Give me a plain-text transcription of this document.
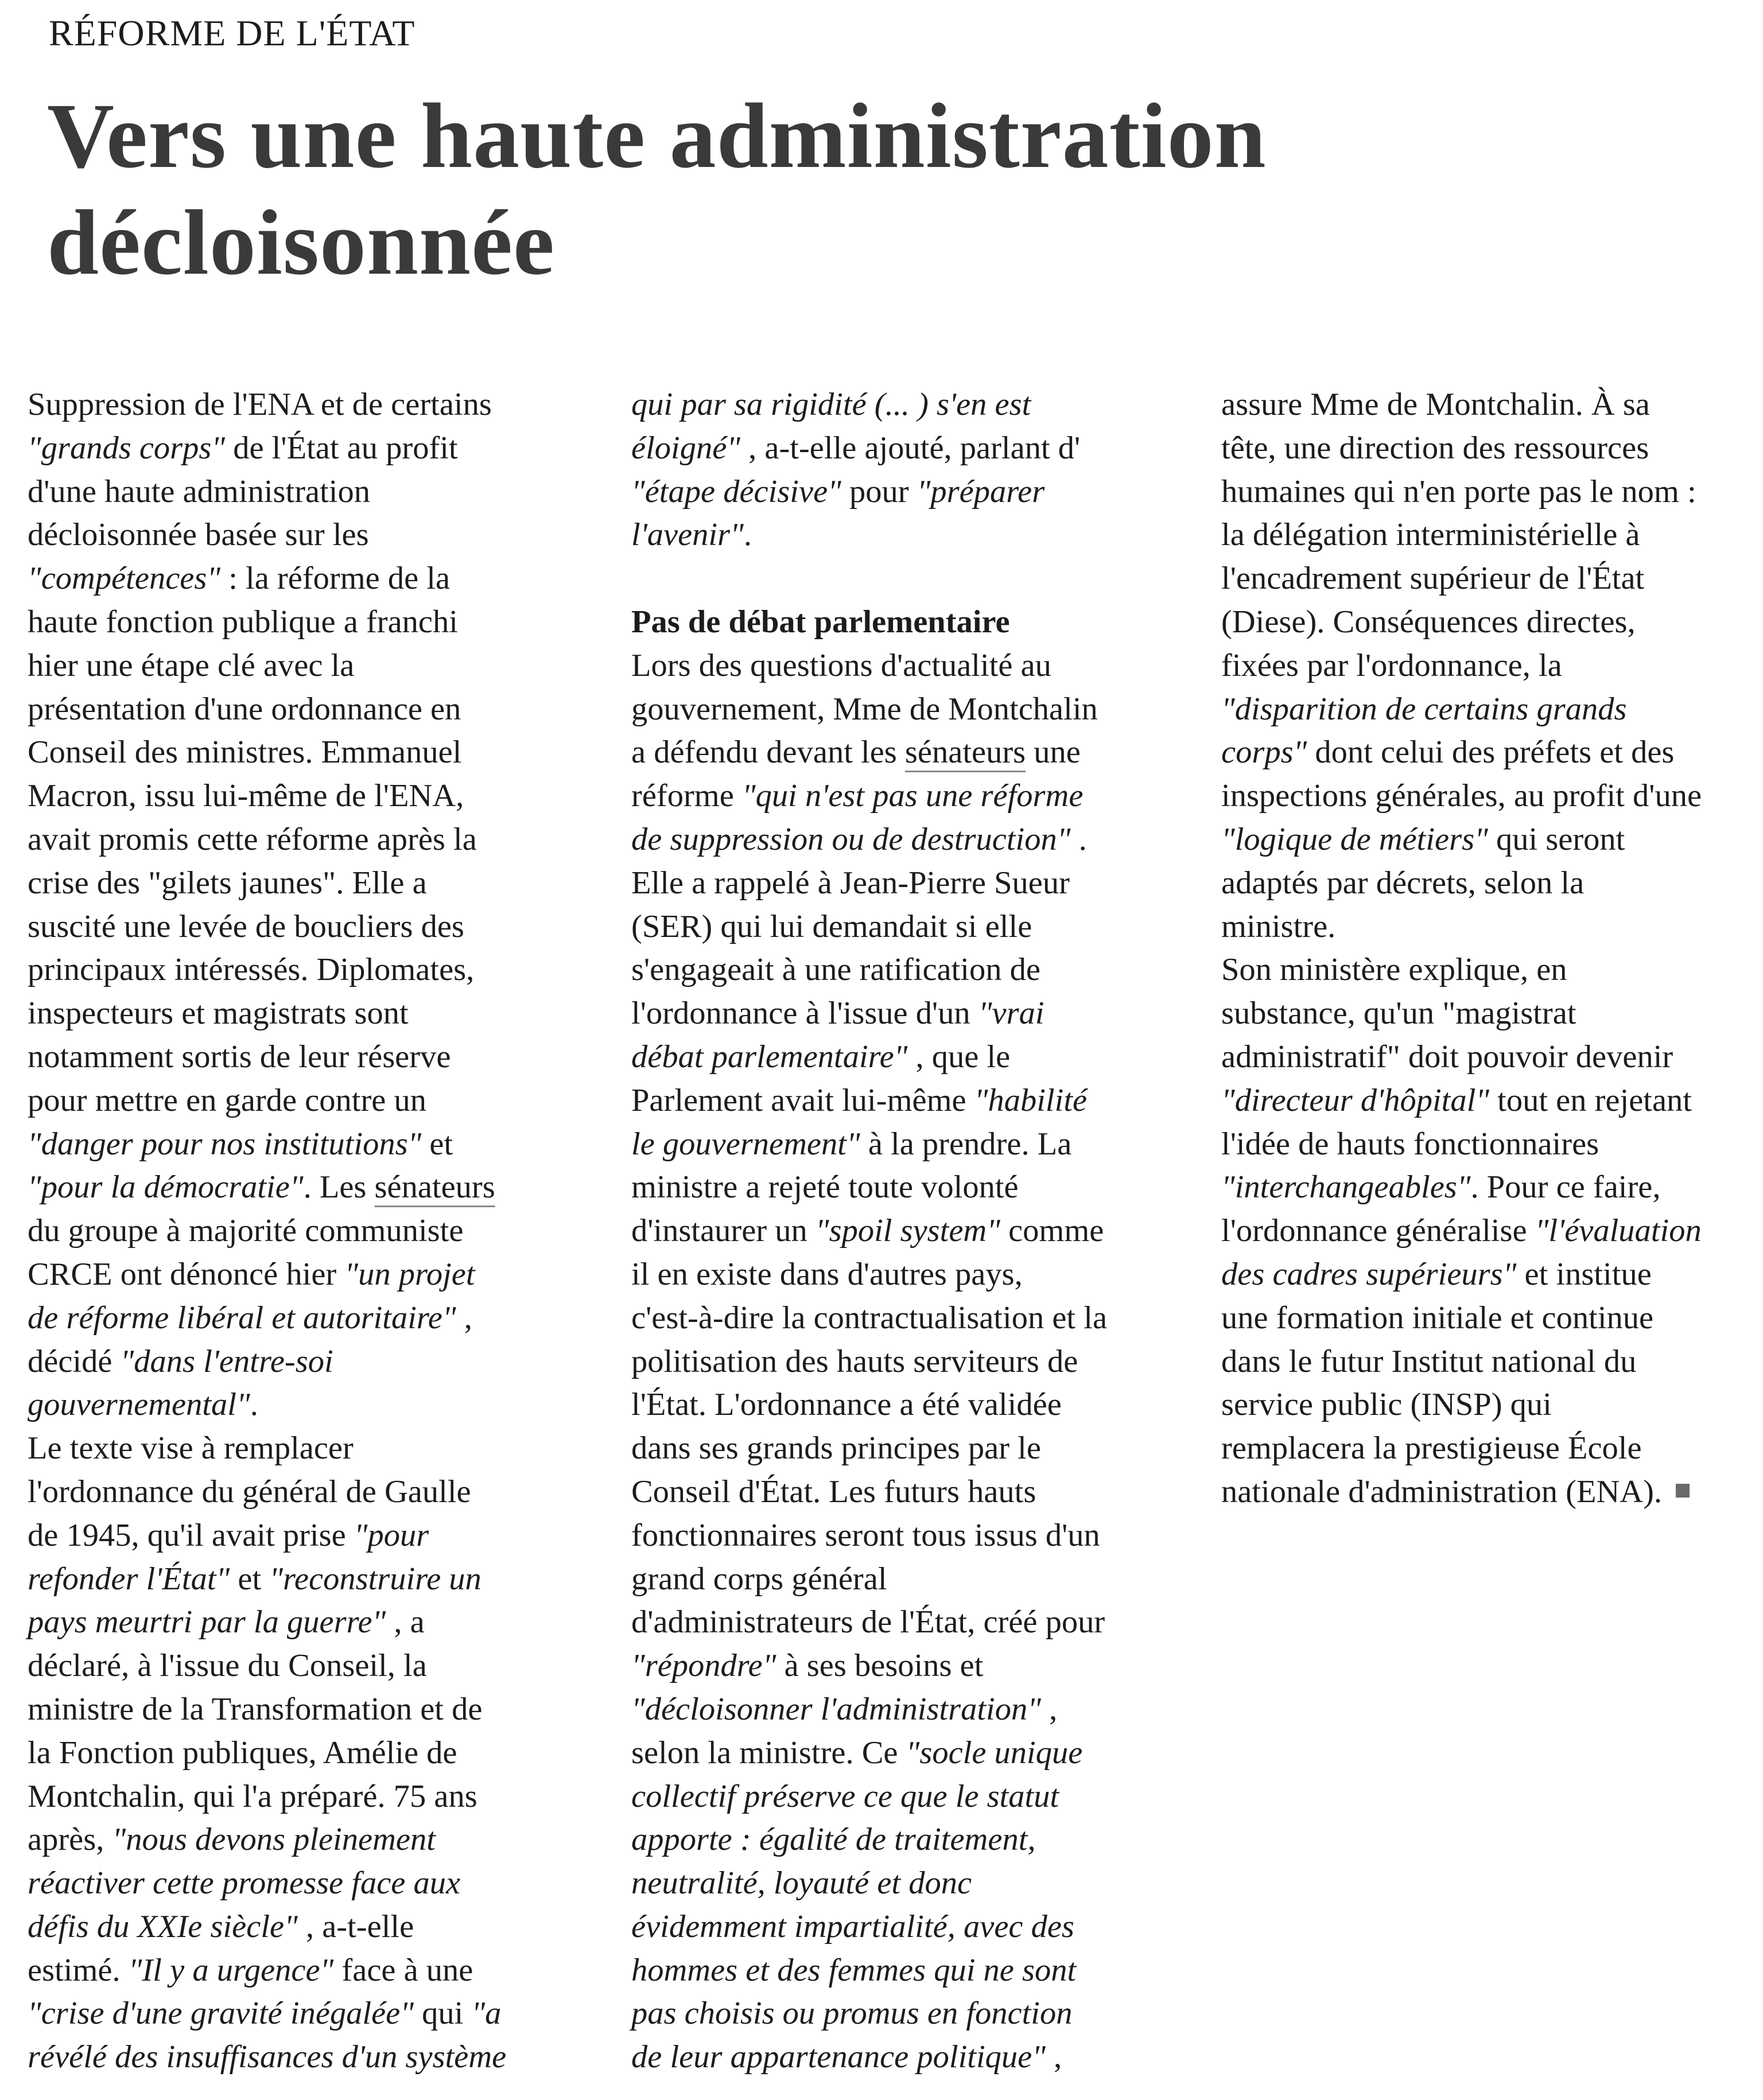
RÉFORME DE L'ÉTAT
Vers une haute administration
décloisonnée
Suppression de l'ENA et de certains
"grands corps" de l'État au profit
d'une haute administration
décloisonnée basée sur les
"compétences" : la réforme de la
haute fonction publique a franchi
hier une étape clé avec la
présentation d'une ordonnance en
Conseil des ministres. Emmanuel
Macron, issu lui-même de l'ENA,
avait promis cette réforme après la
crise des "gilets jaunes". Elle a
suscité une levée de boucliers des
principaux intéressés. Diplomates,
inspecteurs et magistrats sont
notamment sortis de leur réserve
pour mettre en garde contre un
"danger pour nos institutions" et
"pour la démocratie". Les sénateurs
du groupe à majorité communiste
CRCE ont dénoncé hier "un projet
de réforme libéral et autoritaire" ,
décidé "dans l'entre-soi
gouvernemental".
Le texte vise à remplacer
l'ordonnance du général de Gaulle
de 1945, qu'il avait prise "pour
refonder l'État" et "reconstruire un
pays meurtri par la guerre" , a
déclaré, à l'issue du Conseil, la
ministre de la Transformation et de
la Fonction publiques, Amélie de
Montchalin, qui l'a préparé. 75 ans
après, "nous devons pleinement
réactiver cette promesse face aux
défis du XXIe siècle" , a-t-elle
estimé. "Il y a urgence" face à une
"crise d'une gravité inégalée" qui "a
révélé des insuffisances d'un système
qui par sa rigidité (... ) s'en est
éloigné" , a-t-elle ajouté, parlant d'
"étape décisive" pour "préparer
l'avenir".
Pas de débat parlementaire
Lors des questions d'actualité au
gouvernement, Mme de Montchalin
a défendu devant les sénateurs une
réforme "qui n'est pas une réforme
de suppression ou de destruction" .
Elle a rappelé à Jean-Pierre Sueur
(SER) qui lui demandait si elle
s'engageait à une ratification de
l'ordonnance à l'issue d'un "vrai
débat parlementaire" , que le
Parlement avait lui-même "habilité
le gouvernement" à la prendre. La
ministre a rejeté toute volonté
d'instaurer un "spoil system" comme
il en existe dans d'autres pays,
c'est-à-dire la contractualisation et la
politisation des hauts serviteurs de
l'État. L'ordonnance a été validée
dans ses grands principes par le
Conseil d'État. Les futurs hauts
fonctionnaires seront tous issus d'un
grand corps général
d'administrateurs de l'État, créé pour
"répondre" à ses besoins et
"décloisonner l'administration" ,
selon la ministre. Ce "socle unique
collectif préserve ce que le statut
apporte : égalité de traitement,
neutralité, loyauté et donc
évidemment impartialité, avec des
hommes et des femmes qui ne sont
pas choisis ou promus en fonction
de leur appartenance politique" ,
assure Mme de Montchalin. À sa
tête, une direction des ressources
humaines qui n'en porte pas le nom :
la délégation interministérielle à
l'encadrement supérieur de l'État
(Diese). Conséquences directes,
fixées par l'ordonnance, la
"disparition de certains grands
corps" dont celui des préfets et des
inspections générales, au profit d'une
"logique de métiers" qui seront
adaptés par décrets, selon la
ministre.
Son ministère explique, en
substance, qu'un "magistrat
administratif" doit pouvoir devenir
"directeur d'hôpital" tout en rejetant
l'idée de hauts fonctionnaires
"interchangeables". Pour ce faire,
l'ordonnance généralise "l'évaluation
des cadres supérieurs" et institue
une formation initiale et continue
dans le futur Institut national du
service public (INSP) qui
remplacera la prestigieuse École
nationale d'administration (ENA).
